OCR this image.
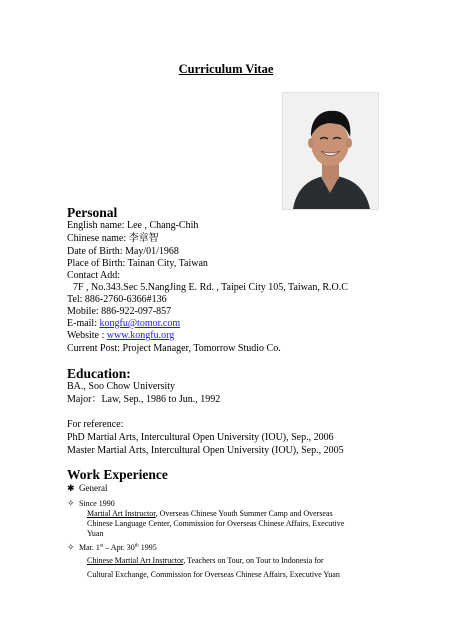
Curriculum Vitae
Personal
English name: Lee , Chang-Chih
Chinese name: 李章智
Date of Birth: May/01/1968
Place of Birth: Tainan City, Taiwan
Contact Add:
7F , No.343.Sec 5.NangJing E. Rd. , Taipei City 105, Taiwan, R.O.C
Tel: 886-2760-6366#136
Mobile: 886-922-097-857
E-mail: kongfu@tomor.com
Website : www.kongfu.org
Current Post: Project Manager, Tomorrow Studio Co.
Education:
BA., Soo Chow University
Major：Law, Sep., 1986 to Jun., 1992
For reference:
PhD Martial Arts, Intercultural Open University (IOU), Sep., 2006
Master Martial Arts, Intercultural Open University (IOU), Sep., 2005
Work Experience
✱ General
✧ Since 1990
Martial Art Instructor, Overseas Chinese Youth Summer Camp and Overseas
Chinese Language Center, Commission for Overseas Chinese Affairs, Executive
Yuan
✧ Mar. 1st – Apr. 30th 1995
Chinese Martial Art Instructor, Teachers on Tour, on Tour to Indonesia for
Cultural Exchange, Commission for Overseas Chinese Affairs, Executive Yuan
